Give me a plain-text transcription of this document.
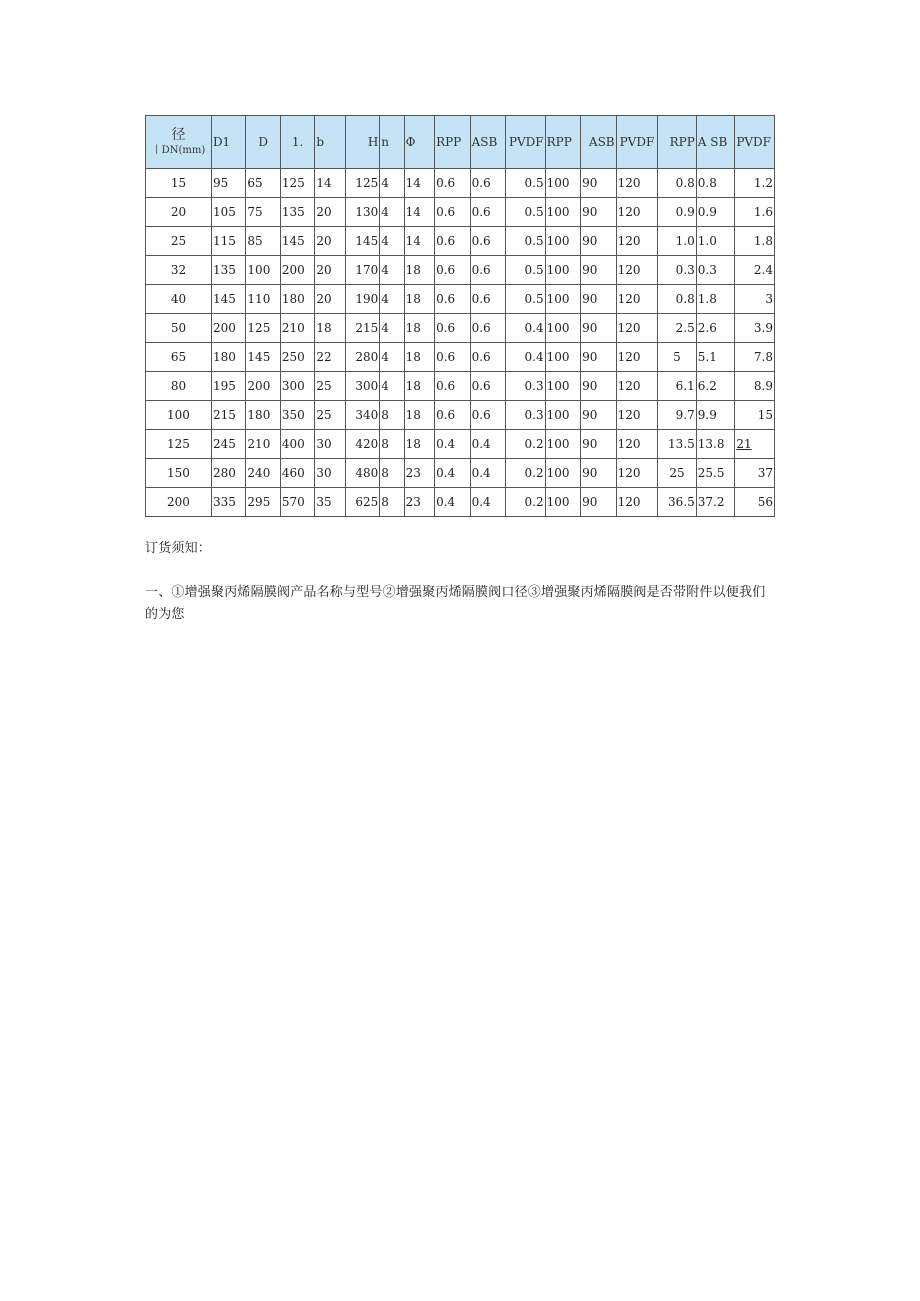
径
丨DN(mm)	D1	D	1.	b	H	n	Φ	RPP	ASB	PVDF	RPP	ASB	PVDF	RPP	A SB	PVDF
15	95	65	125	14	125	4	14	0.6	0.6	0.5	100	90	120	0.8	0.8	1.2
20	105	75	135	20	130	4	14	0.6	0.6	0.5	100	90	120	0.9	0.9	1.6
25	115	85	145	20	145	4	14	0.6	0.6	0.5	100	90	120	1.0	1.0	1.8
32	135	100	200	20	170	4	18	0.6	0.6	0.5	100	90	120	0.3	0.3	2.4
40	145	110	180	20	190	4	18	0.6	0.6	0.5	100	90	120	0.8	1.8	3
50	200	125	210	18	215	4	18	0.6	0.6	0.4	100	90	120	2.5	2.6	3.9
65	180	145	250	22	280	4	18	0.6	0.6	0.4	100	90	120	5	5.1	7.8
80	195	200	300	25	300	4	18	0.6	0.6	0.3	100	90	120	6.1	6.2	8.9
100	215	180	350	25	340	8	18	0.6	0.6	0.3	100	90	120	9.7	9.9	15
125	245	210	400	30	420	8	18	0.4	0.4	0.2	100	90	120	13.5	13.8	21
150	280	240	460	30	480	8	23	0.4	0.4	0.2	100	90	120	25	25.5	37
200	335	295	570	35	625	8	23	0.4	0.4	0.2	100	90	120	36.5	37.2	56
订货须知：
一、①增强聚丙烯隔膜阀产品名称与型号②增强聚丙烯隔膜阀口径③增强聚丙烯隔膜阀是否带附件以便我们的为您
